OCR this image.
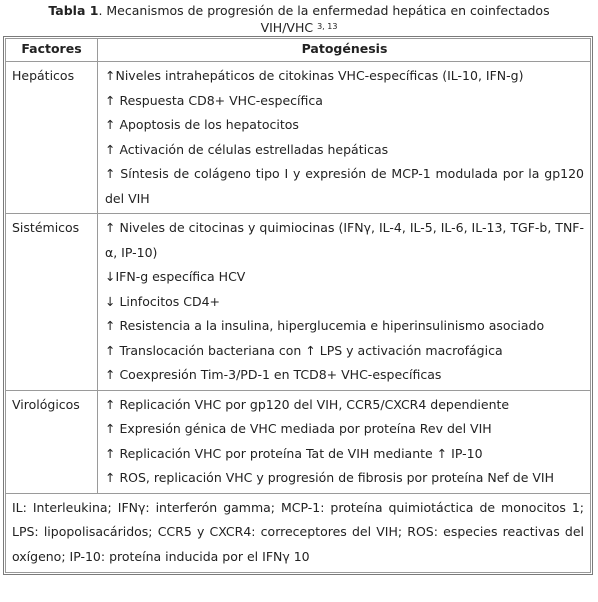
Tabla 1. Mecanismos de progresión de la enfermedad hepática en coinfectados
VIH/VHC $^{3, 13}$
Factores	Patogénesis
Hepáticos	↑Niveles intrahepáticos de citokinas VHC-específicas (IL-10, IFN-g)
↑ Respuesta CD8+ VHC-específica
↑ Apoptosis de los hepatocitos
↑ Activación de células estrelladas hepáticas
↑ Síntesis de colágeno tipo I y expresión de MCP-1 modulada por la gp120 del VIH
Sistémicos	↑ Niveles de citocinas y quimiocinas (IFNγ, IL-4, IL-5, IL-6, IL-13, TGF-b, TNF-α, IP-10)
↓IFN-g específica HCV
↓ Linfocitos CD4+
↑ Resistencia a la insulina, hiperglucemia e hiperinsulinismo asociado
↑ Translocación bacteriana con ↑ LPS y activación macrofágica
↑ Coexpresión Tim-3/PD-1 en TCD8+ VHC-específicas
Virológicos	↑ Replicación VHC por gp120 del VIH, CCR5/CXCR4 dependiente
↑ Expresión génica de VHC mediada por proteína Rev del VIH
↑ Replicación VHC por proteína Tat de VIH mediante ↑ IP-10
↑ ROS, replicación VHC y progresión de fibrosis por proteína Nef de VIH
IL: Interleukina; IFNγ: interferón gamma; MCP-1: proteína quimiotáctica de monocitos 1; LPS: lipopolisacáridos; CCR5 y CXCR4: correceptores del VIH; ROS: especies reactivas del oxígeno; IP-10: proteína inducida por el IFNγ 10
